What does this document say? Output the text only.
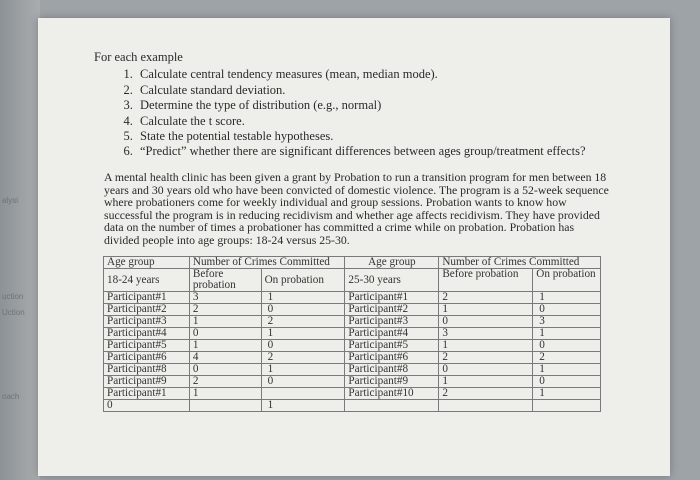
alysi
uction
Uction
oach
For each example
1. Calculate central tendency measures (mean, median mode).
2. Calculate standard deviation.
3. Determine the type of distribution (e.g., normal)
4. Calculate the t score.
5. State the potential testable hypotheses.
6. “Predict” whether there are significant differences between ages group/treatment effects?
A mental health clinic has been given a grant by Probation to run a transition program for men between 18 years and 30 years old who have been convicted of domestic violence. The program is a 52-week sequence where probationers come for weekly individual and group sessions. Probation wants to know how successful the program is in reducing recidivism and whether age affects recidivism. They have provided data on the number of times a probationer has committed a crime while on probation. Probation has divided people into age groups: 18-24 versus 25-30.
Age group	Number of Crimes Committed		Age group	Number of Crimes Committed	
18-24 years	Before probation	On probation	25-30 years	Before probation	On probation
Participant#1	3	1	Participant#1	2	1
Participant#2	2	0	Participant#2	1	0
Participant#3	1	2	Participant#3	0	3
Participant#4	0	1	Participant#4	3	1
Participant#5	1	0	Participant#5	1	0
Participant#6	4	2	Participant#6	2	2
Participant#8	0	1	Participant#8	0	1
Participant#9	2	0	Participant#9	1	0
Participant#1	1		Participant#10	2	1
0		1			
